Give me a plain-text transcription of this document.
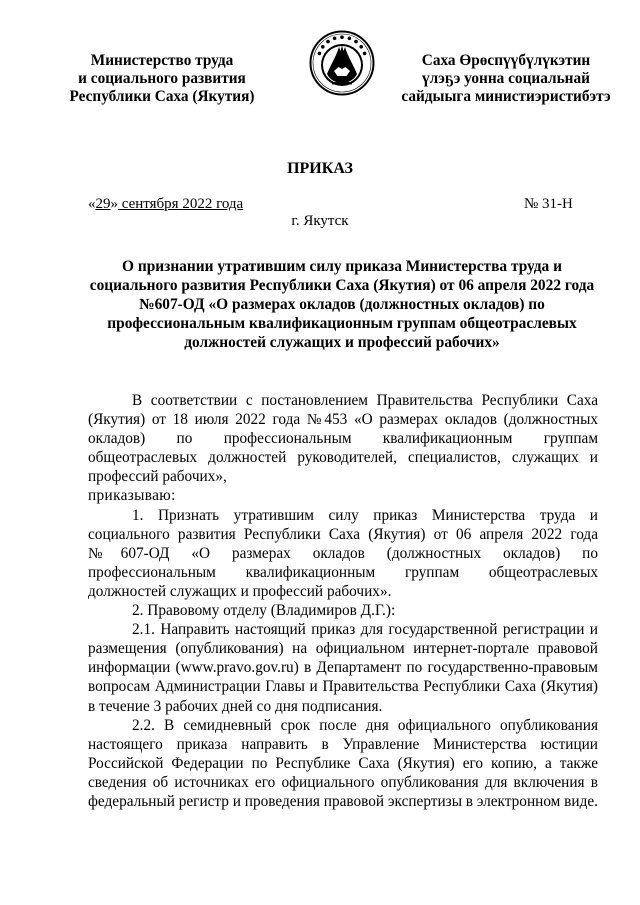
Министерство труда
и социального развития
Республики Саха (Якутия)
Саха Өрөспүүбүлүкэтин
үлэҕэ уонна социальнай
сайдыыга министиэристибэтэ
ПРИКАЗ
«29» сентября 2022 года	№ 31-Н
г. Якутск
О признании утратившим силу приказа Министерства труда и
социального развития Республики Саха (Якутия) от 06 апреля 2022 года
№607-ОД «О размерах окладов (должностных окладов) по
профессиональным квалификационным группам общеотраслевых
должностей служащих и профессий рабочих»

В соответствии с постановлением Правительства Республики Саха (Якутия) от 18 июля 2022 года №453 «О размерах окладов (должностных окладов) по профессиональным квалификационным группам общеотраслевых должностей руководителей, специалистов, служащих и профессий рабочих»,

приказываю:

1. Признать утратившим силу приказ Министерства труда и социального развития Республики Саха (Якутия) от 06 апреля 2022 года №607-ОД «О размерах окладов (должностных окладов) по профессиональным квалификационным группам общеотраслевых должностей служащих и профессий рабочих».

2. Правовому отделу (Владимиров Д.Г.):

2.1. Направить настоящий приказ для государственной регистрации и размещения (опубликования) на официальном интернет-портале правовой информации (www.pravo.gov.ru) в Департамент по государственно-правовым вопросам Администрации Главы и Правительства Республики Саха (Якутия) в течение 3 рабочих дней со дня подписания.

2.2. В семидневный срок после дня официального опубликования настоящего приказа направить в Управление Министерства юстиции Российской Федерации по Республике Саха (Якутия) его копию, а также сведения об источниках его официального опубликования для включения в федеральный регистр и проведения правовой экспертизы в электронном виде.
